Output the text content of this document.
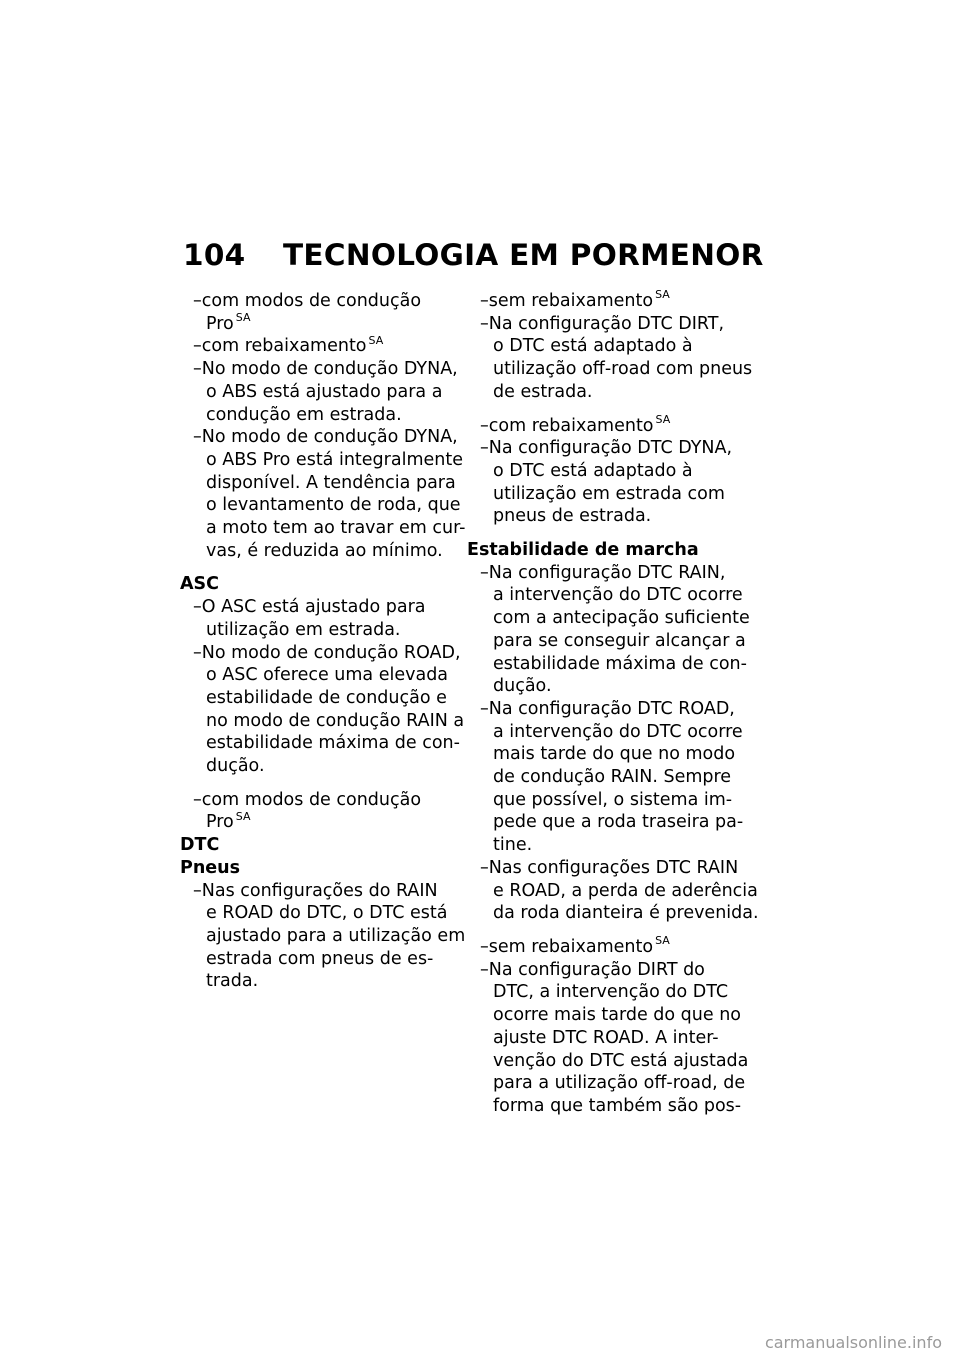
104 TECNOLOGIA EM PORMENOR
–com modos de condução
Pro $^{SA}$
–com rebaixamento $^{SA}$
–No modo de condução DYNA,
o ABS está ajustado para a
condução em estrada.
–No modo de condução DYNA,
o ABS Pro está integralmente
disponível. A tendência para
o levantamento de roda, que
a moto tem ao travar em cur-
vas, é reduzida ao mínimo.
ASC
–O ASC está ajustado para
utilização em estrada.
–No modo de condução ROAD,
o ASC oferece uma elevada
estabilidade de condução e
no modo de condução RAIN a
estabilidade máxima de con-
dução.
–com modos de condução
Pro $^{SA}$
DTC
Pneus
–Nas configurações do RAIN
e ROAD do DTC, o DTC está
ajustado para a utilização em
estrada com pneus de es-
trada.
–sem rebaixamento $^{SA}$
–Na configuração DTC DIRT,
o DTC está adaptado à
utilização off-road com pneus
de estrada.
–com rebaixamento $^{SA}$
–Na configuração DTC DYNA,
o DTC está adaptado à
utilização em estrada com
pneus de estrada.
Estabilidade de marcha
–Na configuração DTC RAIN,
a intervenção do DTC ocorre
com a antecipação suficiente
para se conseguir alcançar a
estabilidade máxima de con-
dução.
–Na configuração DTC ROAD,
a intervenção do DTC ocorre
mais tarde do que no modo
de condução RAIN. Sempre
que possível, o sistema im-
pede que a roda traseira pa-
tine.
–Nas configurações DTC RAIN
e ROAD, a perda de aderência
da roda dianteira é prevenida.
–sem rebaixamento $^{SA}$
–Na configuração DIRT do
DTC, a intervenção do DTC
ocorre mais tarde do que no
ajuste DTC ROAD. A inter-
venção do DTC está ajustada
para a utilização off-road, de
forma que também são pos-
carmanualsonline.info
